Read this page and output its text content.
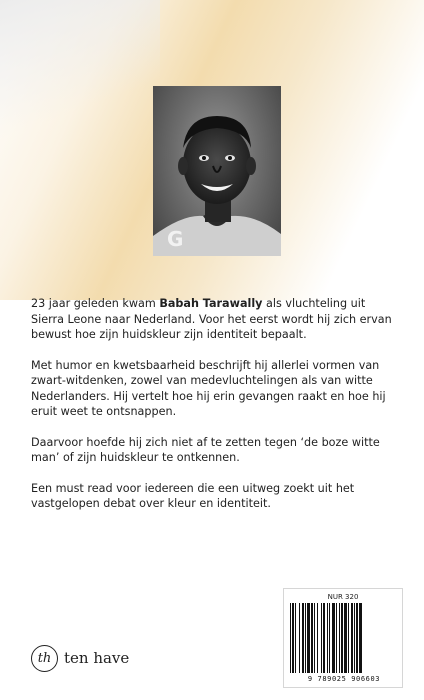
G

23 jaar geleden kwam Babah Tarawally als vluchteling uit Sierra Leone naar Nederland. Voor het eerst wordt hij zich ervan bewust hoe zijn huidskleur zijn identiteit bepaalt.

Met humor en kwetsbaarheid beschrijft hij allerlei vormen van zwart-witdenken, zowel van medevluchtelingen als van witte Nederlanders. Hij vertelt hoe hij erin gevangen raakt en hoe hij eruit weet te ontsnappen.

Daarvoor hoefde hij zich niet af te zetten tegen ‘de boze witte man’ of zijn huidskleur te ontkennen.

Een must read voor iedereen die een uitweg zoekt uit het vastgelopen debat over kleur en identiteit.

th ten have
NUR 320
9 789025 906603
